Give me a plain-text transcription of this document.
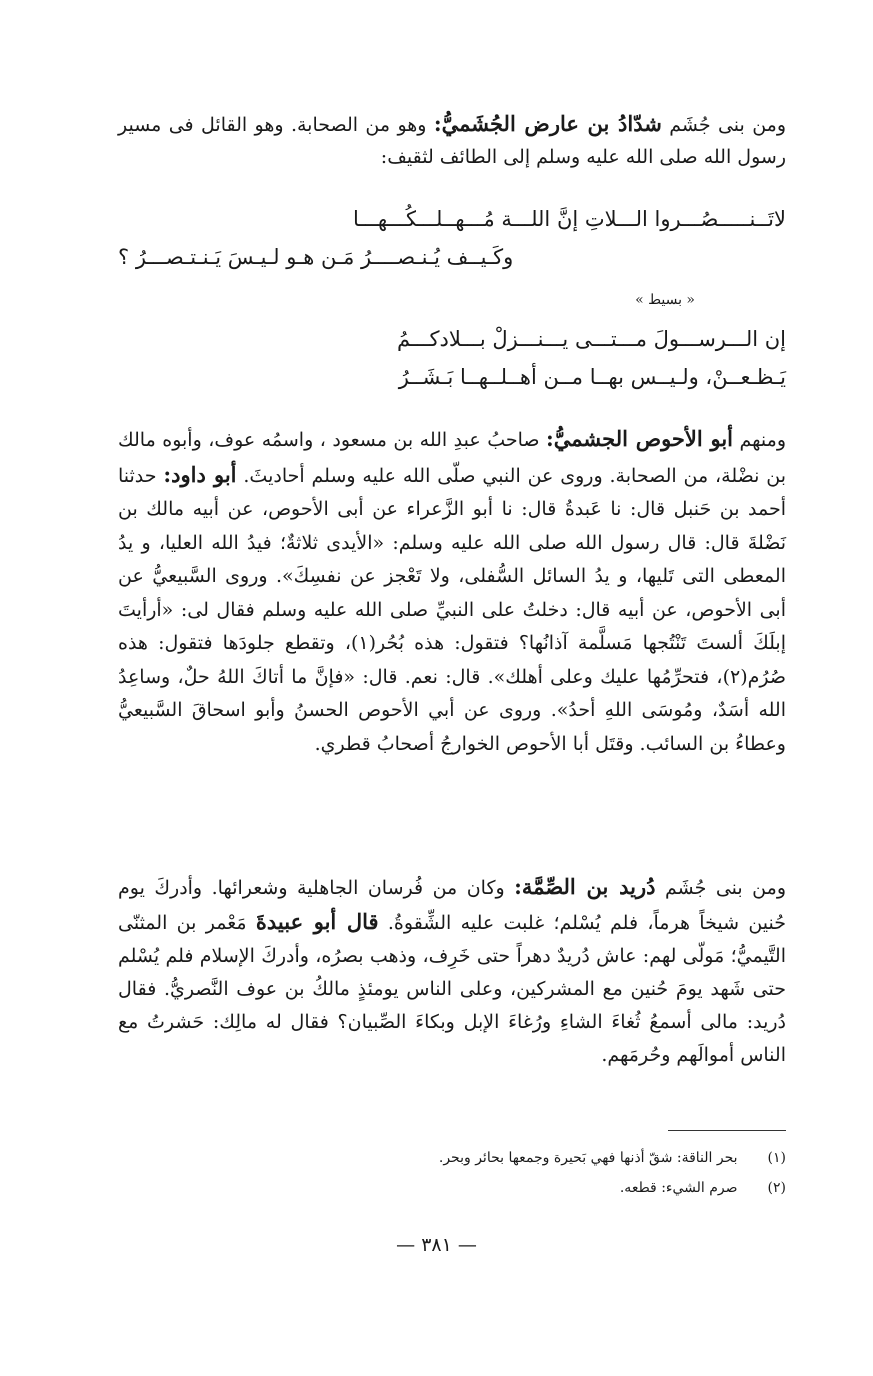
ومن بنى جُشَم شدّادُ بن عارض الجُشَميُّ: وهو من الصحابة. وهو القائل فى مسير رسول الله صلى الله عليه وسلم إلى الطائف لثقيف:
لاتَــنـــــصُـــروا الـــلاتِ إنَّ اللـــة مُـــهــلـــكُـــهـــا
وكَـيــف يُـنـصــــرُ مَـن هـو لـيـسَ يَـنـتـصـــرُ ؟
« بسيط »
إن الـــرســـولَ مـــتـــى يـــنـــزلْ بـــلادكـــمُ
يَـظـعــنْ، ولـيــس بهــا مــن أهــلــهــا بَـشَــرُ
ومنهم أبو الأحوص الجشميُّ: صاحبُ عبدِ الله بن مسعود ، واسمُه عوف، وأبوه مالك بن نضْلة، من الصحابة. وروى عن النبي صلّى الله عليه وسلم أحاديثَ. أبو داود: حدثنا أحمد بن حَنبل قال: نا عَبدةُ قال: نا أبو الزَّعراء عن أبى الأحوص، عن أبيه مالك بن نَضْلةَ قال: قال رسول الله صلى الله عليه وسلم: «الأيدى ثلاثةٌ؛ فيدُ الله العليا، و يدُ المعطى التى تَليها، و يدُ السائل السُّفلى، ولا تَعْجز عن نفسِكَ». وروى السَّبيعيُّ عن أبى الأحوص، عن أبيه قال: دخلتُ على النبيِّ صلى الله عليه وسلم فقال لى: «أرأيتَ إبلَكَ ألستَ تَنْتُجها مَسلَّمة آذانُها؟ فتقول: هذه بُحُر(١)، وتقطع جلودَها فتقول: هذه صُرُم(٢)، فتحرِّمُها عليك وعلى أهلك». قال: نعم. قال: «فإنَّ ما أتاكَ اللهُ حلٌ، وساعِدُ الله أسَدٌ، ومُوسَى اللهِ أحدُ». وروى عن أبي الأحوص الحسنُ وأبو اسحاقَ السَّبيعيُّ وعطاءُ بن السائب. وقتَل أبا الأحوص الخوارجُ أصحابُ قطري.
ومن بنى جُشَم دُريد بن الصِّمَّة: وكان من فُرسان الجاهلية وشعرائها. وأدركَ يوم حُنين شيخاً هرماً، فلم يُسْلم؛ غلبت عليه الشِّقوةُ. قال أبو عبيدةَ مَعْمر بن المثنّى التَّيميُّ؛ مَولّى لهم: عاش دُريدٌ دهراً حتى خَرِف، وذهب بصرُه، وأدركَ الإسلام فلم يُسْلم حتى شَهد يومَ حُنين مع المشركين، وعلى الناس يومئذٍ مالكُ بن عوف النَّصريُّ. فقال دُريد: مالى أسمعُ ثُغاءَ الشاءِ ورُغاءَ الإبل وبكاءَ الصِّبيان؟ فقال له مالِك: حَشرتُ مع الناس أموالَهم وحُرمَهم.
(١) بحر الناقة: شقّ أذنها فهي بَحيرة وجمعها بحائر وبحر.
(٢) صرم الشيء: قطعه.
— ٣٨١ —
